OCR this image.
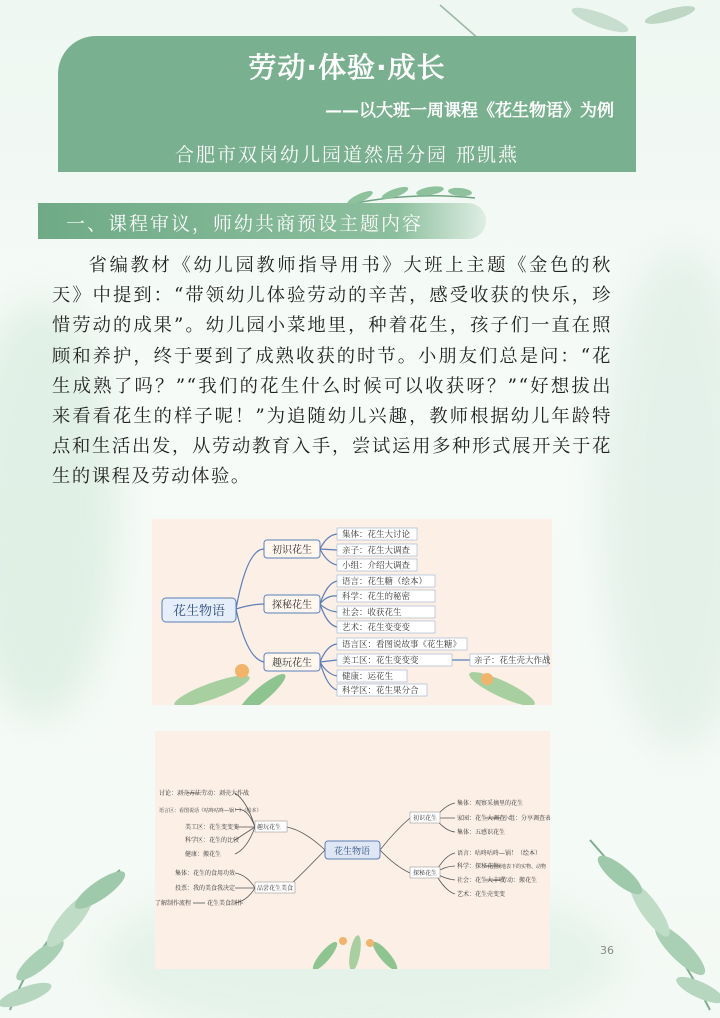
劳动·体验·成长
——以大班一周课程《花生物语》为例
合肥市双岗幼儿园道然居分园 邢凯燕
一、课程审议，师幼共商预设主题内容
省编教材《幼儿园教师指导用书》大班上主题《金色的秋天》中提到：“带领幼儿体验劳动的辛苦，感受收获的快乐，珍惜劳动的成果”。幼儿园小菜地里，种着花生，孩子们一直在照顾和养护，终于要到了成熟收获的时节。小朋友们总是问：“花生成熟了吗？”“我们的花生什么时候可以收获呀？”“好想拔出来看看花生的样子呢！”为追随幼儿兴趣，教师根据幼儿年龄特点和生活出发，从劳动教育入手，尝试运用多种形式展开关于花生的课程及劳动体验。
花生物语
初识花生
探秘花生
趣玩花生
集体：花生大讨论
亲子：花生大调查
小组：介绍大调查
语言：花生糖（绘本）
科学：花生的秘密
社会：收获花生
艺术：花生变变变
语言区：看图说故事《花生糖》
美工区：花生变变变
健康：运花生
科学区：花生果分合
亲子：花生壳大作战
花生物语
趣玩花生
品尝花生美食
初识花生
探秘花生
讨论：剥壳方法 劳动：剥壳大作战
语言区：看图说话《咕咚咕咚—锅！》（绘本）
美工区：花生变变变
科学区：花生的比较
健康：搬花生
集体：花生的食用功效
投票：我的美食我决定
了解制作流程	花生美食制作
集体：观察采摘里的花生
家园：花生大调查
集体：五感识花生
小组：分享调查表
语言：咕咚咕咚—锅！（绘本）
科学：探秘花生
社会：花生大丰收
艺术：花生壳变变
寻找地表下的实物、动物
劳动：搬花生
36
